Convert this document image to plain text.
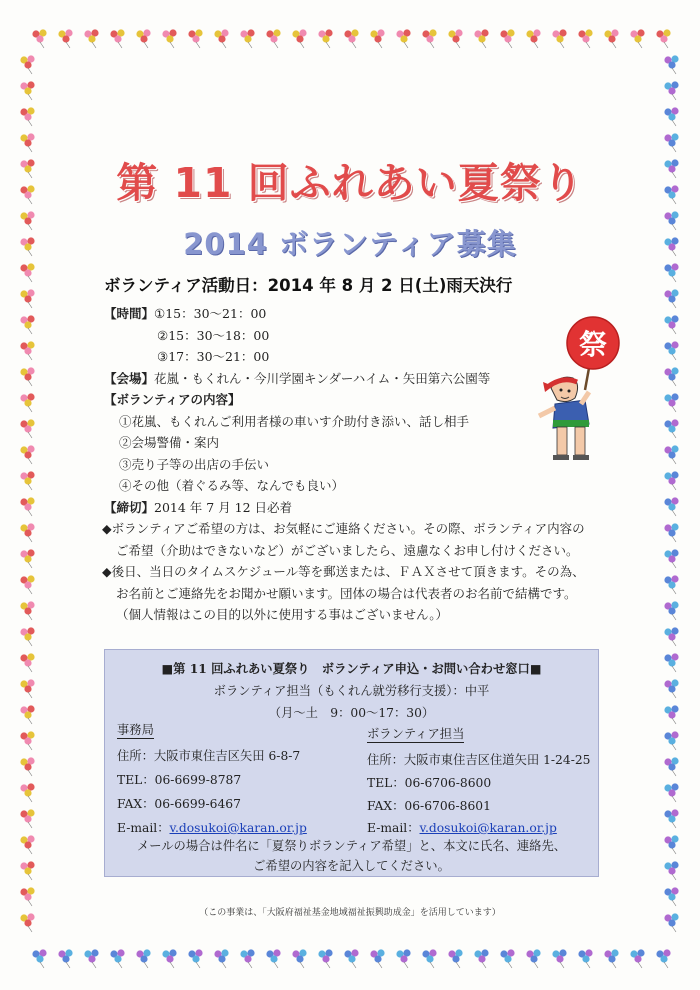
第 11 回ふれあい夏祭り
2014 ボランティア募集
ボランティア活動日：2014 年 8 月 2 日(土)雨天決行
【時間】①15：30～21：00
②15：30～18：00
③17：30～21：00
【会場】花嵐・もくれん・今川学園キンダーハイム・矢田第六公園等
【ボランティアの内容】
①花嵐、もくれんご利用者様の車いす介助付き添い、話し相手
②会場警備・案内
③売り子等の出店の手伝い
④その他（着ぐるみ等、なんでも良い）
【締切】2014 年 7 月 12 日必着
◆ボランティアご希望の方は、お気軽にご連絡ください。その際、ボランティア内容の
ご希望（介助はできないなど）がございましたら、遠慮なくお申し付けください。
◆後日、当日のタイムスケジュール等を郵送または、ＦＡＸさせて頂きます。その為、
お名前とご連絡先をお聞かせ願います。団体の場合は代表者のお名前で結構です。
（個人情報はこの目的以外に使用する事はございません。）
祭
■第 11 回ふれあい夏祭り　ボランティア申込・お問い合わせ窓口■
ボランティア担当（もくれん就労移行支援）：中平
（月～土　9：00～17：30）
事務局
住所：大阪市東住吉区矢田 6-8-7
TEL：06-6699-8787
FAX：06-6699-6467
E-mail：v.dosukoi@karan.or.jp
ボランティア担当
住所：大阪市東住吉区住道矢田 1-24-25
TEL：06-6706-8600
FAX：06-6706-8601
E-mail：v.dosukoi@karan.or.jp
メールの場合は件名に「夏祭りボランティア希望」と、本文に氏名、連絡先、
ご希望の内容を記入してください。
（この事業は、「大阪府福祉基金地域福祉振興助成金」を活用しています）
